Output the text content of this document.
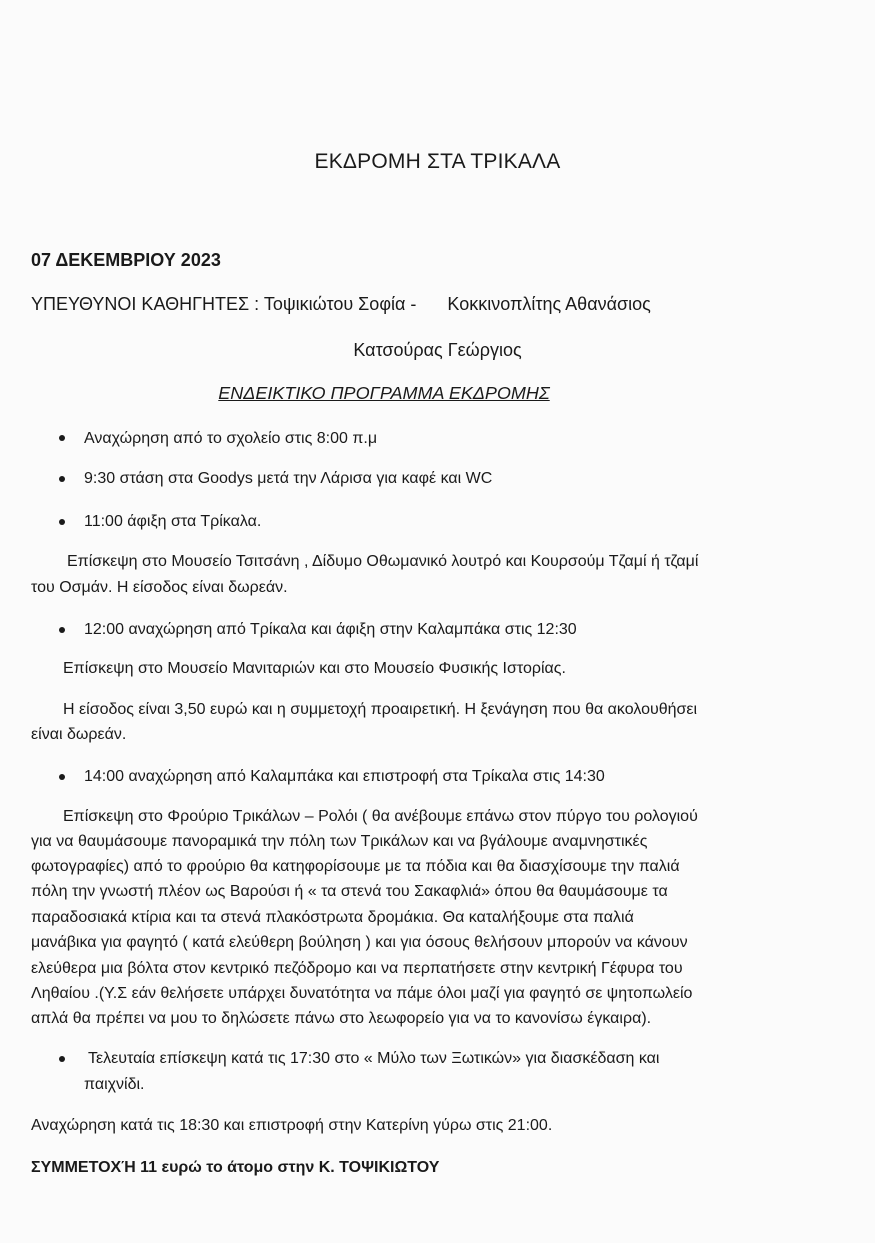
ΕΚΔΡΟΜΗ ΣΤΑ ΤΡΙΚΑΛΑ
07 ΔΕΚΕΜΒΡΙΟΥ 2023
ΥΠΕΥΘΥΝΟΙ ΚΑΘΗΓΗΤΕΣ : Τοψικιώτου Σοφία - Κοκκινοπλίτης Αθανάσιος
Κατσούρας Γεώργιος
ΕΝΔΕΙΚΤΙΚΟ ΠΡΟΓΡΑΜΜΑ ΕΚΔΡΟΜΗΣ
Αναχώρηση από το σχολείο στις 8:00 π.μ
9:30 στάση στα Goodys μετά την Λάρισα για καφέ και WC
11:00 άφιξη στα Τρίκαλα.
Επίσκεψη στο Μουσείο Τσιτσάνη , Δίδυμο Οθωμανικό λουτρό και Κουρσούμ Τζαμί ή τζαμί
του Οσμάν. Η είσοδος είναι δωρεάν.
12:00 αναχώρηση από Τρίκαλα και άφιξη στην Καλαμπάκα στις 12:30
Επίσκεψη στο Μουσείο Μανιταριών και στο Μουσείο Φυσικής Ιστορίας.
Η είσοδος είναι 3,50 ευρώ και η συμμετοχή προαιρετική. Η ξενάγηση που θα ακολουθήσει
είναι δωρεάν.
14:00 αναχώρηση από Καλαμπάκα και επιστροφή στα Τρίκαλα στις 14:30
Επίσκεψη στο Φρούριο Τρικάλων – Ρολόι ( θα ανέβουμε επάνω στον πύργο του ρολογιού
για να θαυμάσουμε πανοραμικά την πόλη των Τρικάλων και να βγάλουμε αναμνηστικές
φωτογραφίες) από το φρούριο θα κατηφορίσουμε με τα πόδια και θα διασχίσουμε την παλιά
πόλη την γνωστή πλέον ως Βαρούσι ή « τα στενά του Σακαφλιά» όπου θα θαυμάσουμε τα
παραδοσιακά κτίρια και τα στενά πλακόστρωτα δρομάκια. Θα καταλήξουμε στα παλιά
μανάβικα για φαγητό ( κατά ελεύθερη βούληση ) και για όσους θελήσουν μπορούν να κάνουν
ελεύθερα μια βόλτα στον κεντρικό πεζόδρομο και να περπατήσετε στην κεντρική Γέφυρα του
Ληθαίου .(Υ.Σ εάν θελήσετε υπάρχει δυνατότητα να πάμε όλοι μαζί για φαγητό σε ψητοπωλείο
απλά θα πρέπει να μου το δηλώσετε πάνω στο λεωφορείο για να το κανονίσω έγκαιρα).
Τελευταία επίσκεψη κατά τις 17:30 στο « Μύλο των Ξωτικών» για διασκέδαση και
παιχνίδι.
Αναχώρηση κατά τις 18:30 και επιστροφή στην Κατερίνη γύρω στις 21:00.
ΣΥΜΜΕΤΟΧΉ 11 ευρώ το άτομο στην Κ. ΤΟΨΙΚΙΩΤΟΥ
